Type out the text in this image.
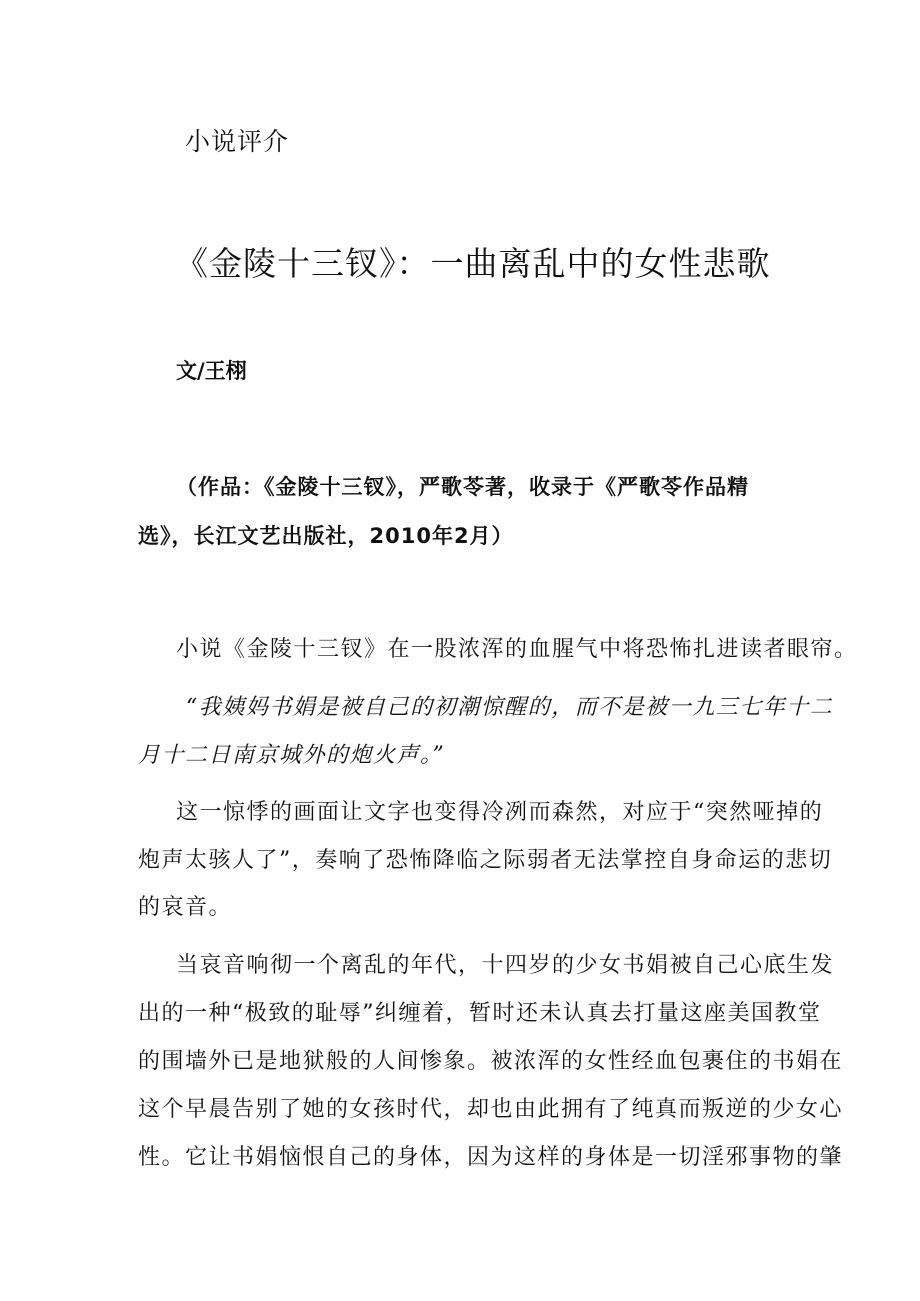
小说评介
《金陵十三钗》：一曲离乱中的女性悲歌
文/王栩
（作品：《金陵十三钗》，严歌苓著，收录于《严歌苓作品精
选》，长江文艺出版社，2010年2月）
小说《金陵十三钗》在一股浓浑的血腥气中将恐怖扎进读者眼帘。
“我姨妈书娟是被自己的初潮惊醒的，而不是被一九三七年十二
月十二日南京城外的炮火声。”
这一惊悸的画面让文字也变得冷冽而森然，对应于“突然哑掉的
炮声太骇人了”，奏响了恐怖降临之际弱者无法掌控自身命运的悲切
的哀音。
当哀音响彻一个离乱的年代，十四岁的少女书娟被自己心底生发
出的一种“极致的耻辱”纠缠着，暂时还未认真去打量这座美国教堂
的围墙外已是地狱般的人间惨象。被浓浑的女性经血包裹住的书娟在
这个早晨告别了她的女孩时代，却也由此拥有了纯真而叛逆的少女心
性。它让书娟恼恨自己的身体，因为这样的身体是一切淫邪事物的肇
